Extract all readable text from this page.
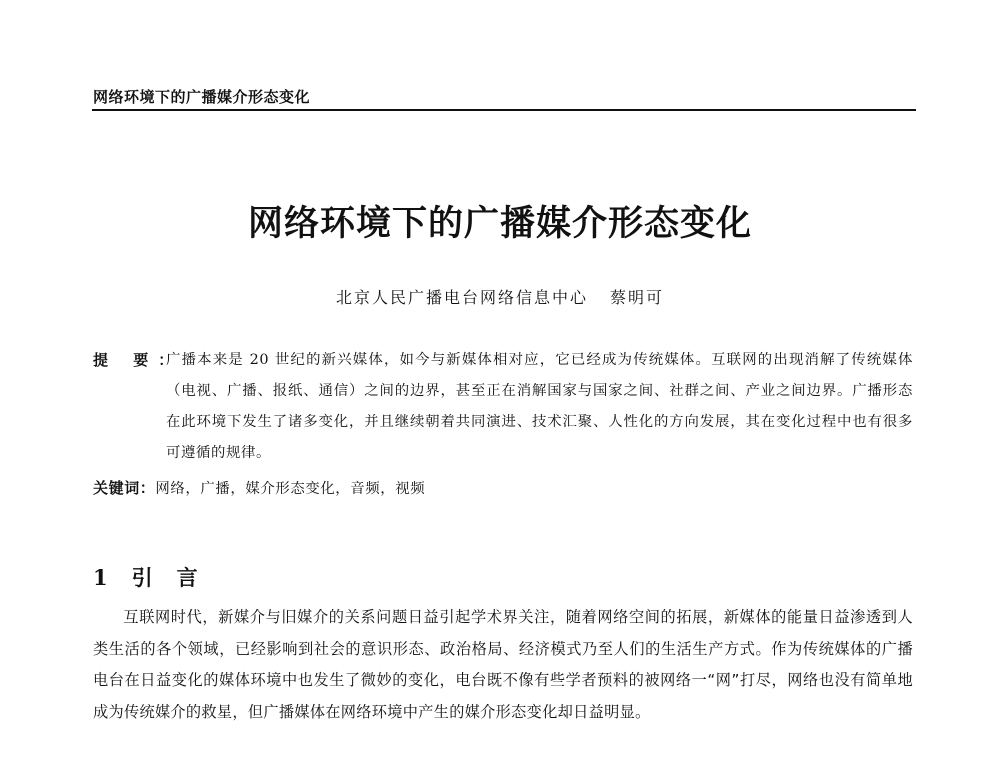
网络环境下的广播媒介形态变化
网络环境下的广播媒介形态变化
北京人民广播电台网络信息中心 蔡明可
提 要：
广播本来是 20 世纪的新兴媒体，如今与新媒体相对应，它已经成为传统媒体。互联网的出现消解了传统媒体（电视、广播、报纸、通信）之间的边界，甚至正在消解国家与国家之间、社群之间、产业之间边界。广播形态在此环境下发生了诸多变化，并且继续朝着共同演进、技术汇聚、人性化的方向发展，其在变化过程中也有很多可遵循的规律。
关键词：网络，广播，媒介形态变化，音频，视频
1 引 言

互联网时代，新媒介与旧媒介的关系问题日益引起学术界关注，随着网络空间的拓展，新媒体的能量日益渗透到人类生活的各个领域，已经影响到社会的意识形态、政治格局、经济模式乃至人们的生活生产方式。作为传统媒体的广播电台在日益变化的媒体环境中也发生了微妙的变化，电台既不像有些学者预料的被网络一“网”打尽，网络也没有简单地成为传统媒介的救星，但广播媒体在网络环境中产生的媒介形态变化却日益明显。
